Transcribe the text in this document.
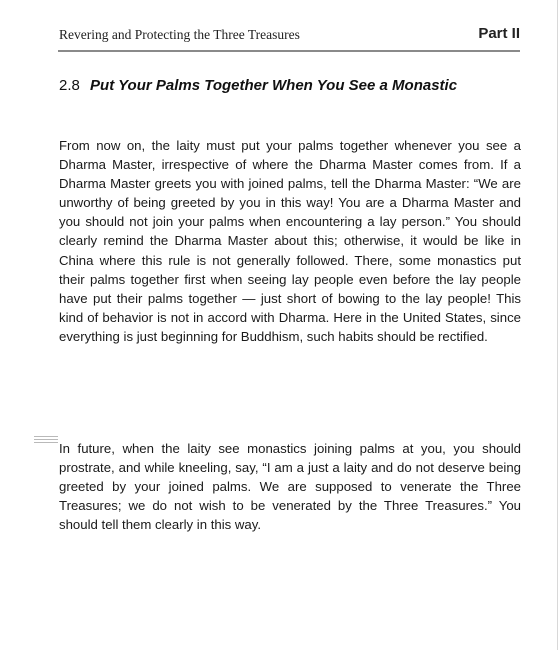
Revering and Protecting the Three Treasures	Part II
2.8 Put Your Palms Together When You See a Monastic

From now on, the laity must put your palms together whenever you see a Dharma Master, irrespective of where the Dharma Master comes from. If a Dharma Master greets you with joined palms, tell the Dharma Master: “We are unworthy of being greeted by you in this way! You are a Dharma Master and you should not join your palms when encountering a lay person.” You should clearly remind the Dharma Master about this; otherwise, it would be like in China where this rule is not generally followed. There, some monastics put their palms together first when seeing lay people even before the lay people have put their palms together — just short of bowing to the lay people! This kind of behavior is not in accord with Dharma. Here in the United States, since everything is just beginning for Buddhism, such habits should be rectified.

In future, when the laity see monastics joining palms at you, you should prostrate, and while kneeling, say, “I am a just a laity and do not deserve being greeted by your joined palms. We are supposed to venerate the Three Treasures; we do not wish to be venerated by the Three Treasures.” You should tell them clearly in this way.
